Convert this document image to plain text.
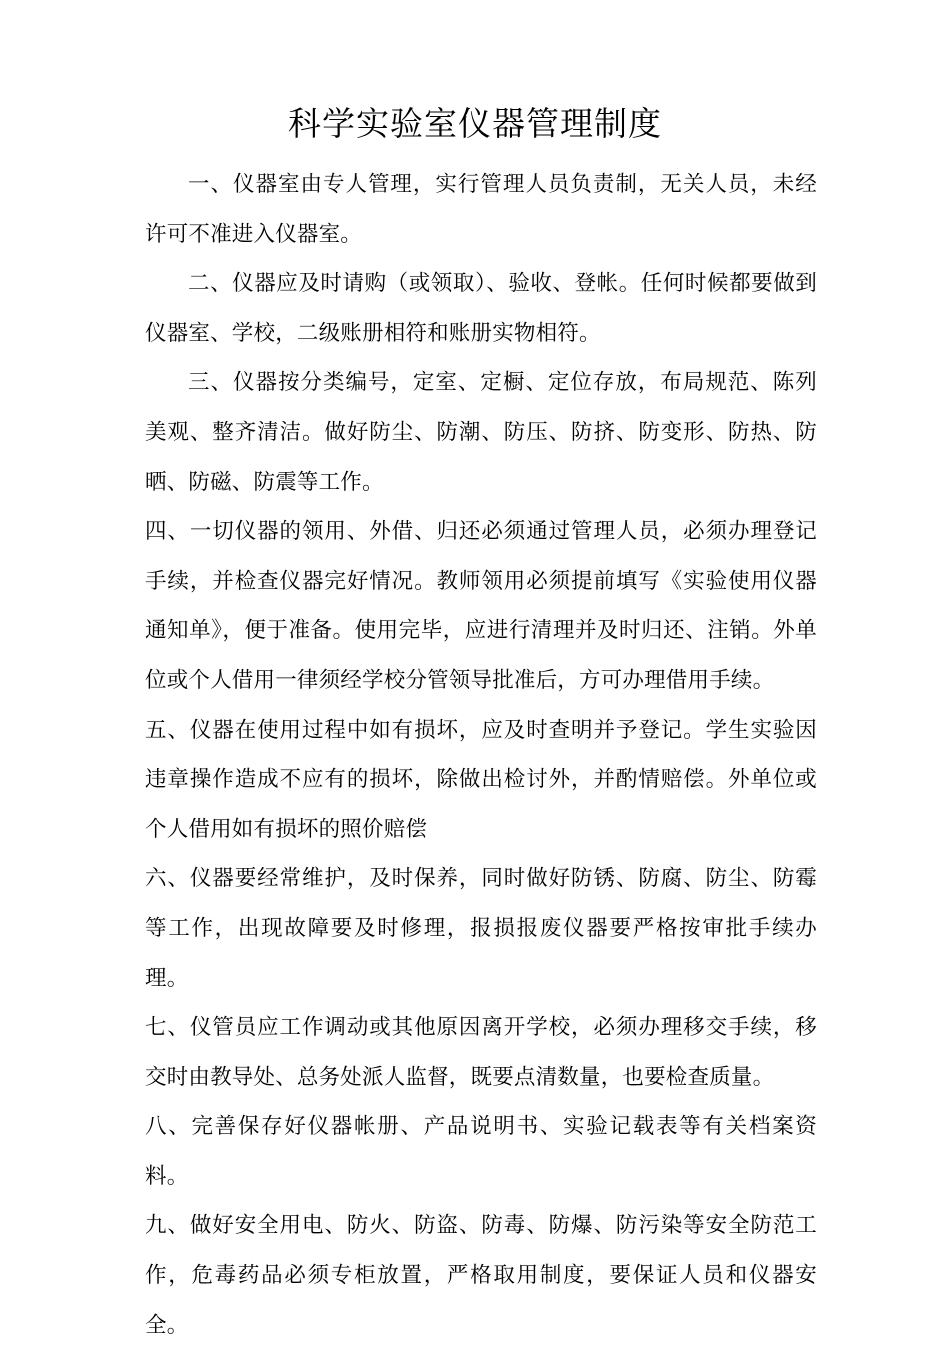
科学实验室仪器管理制度

一、仪器室由专人管理，实行管理人员负责制，无关人员，未经许可不准进入仪器室。

二、仪器应及时请购（或领取）、验收、登帐。任何时候都要做到仪器室、学校，二级账册相符和账册实物相符。

三、仪器按分类编号，定室、定橱、定位存放，布局规范、陈列美观、整齐清洁。做好防尘、防潮、防压、防挤、防变形、防热、防晒、防磁、防震等工作。

四、一切仪器的领用、外借、归还必须通过管理人员，必须办理登记手续，并检查仪器完好情况。教师领用必须提前填写《实验使用仪器通知单》，便于准备。使用完毕，应进行清理并及时归还、注销。外单位或个人借用一律须经学校分管领导批准后，方可办理借用手续。

五、仪器在使用过程中如有损坏，应及时查明并予登记。学生实验因违章操作造成不应有的损坏，除做出检讨外，并酌情赔偿。外单位或个人借用如有损坏的照价赔偿

六、仪器要经常维护，及时保养，同时做好防锈、防腐、防尘、防霉等工作，出现故障要及时修理，报损报废仪器要严格按审批手续办理。

七、仪管员应工作调动或其他原因离开学校，必须办理移交手续，移交时由教导处、总务处派人监督，既要点清数量，也要检查质量。

八、完善保存好仪器帐册、产品说明书、实验记载表等有关档案资料。

九、做好安全用电、防火、防盗、防毒、防爆、防污染等安全防范工作，危毒药品必须专柜放置，严格取用制度，要保证人员和仪器安全。
